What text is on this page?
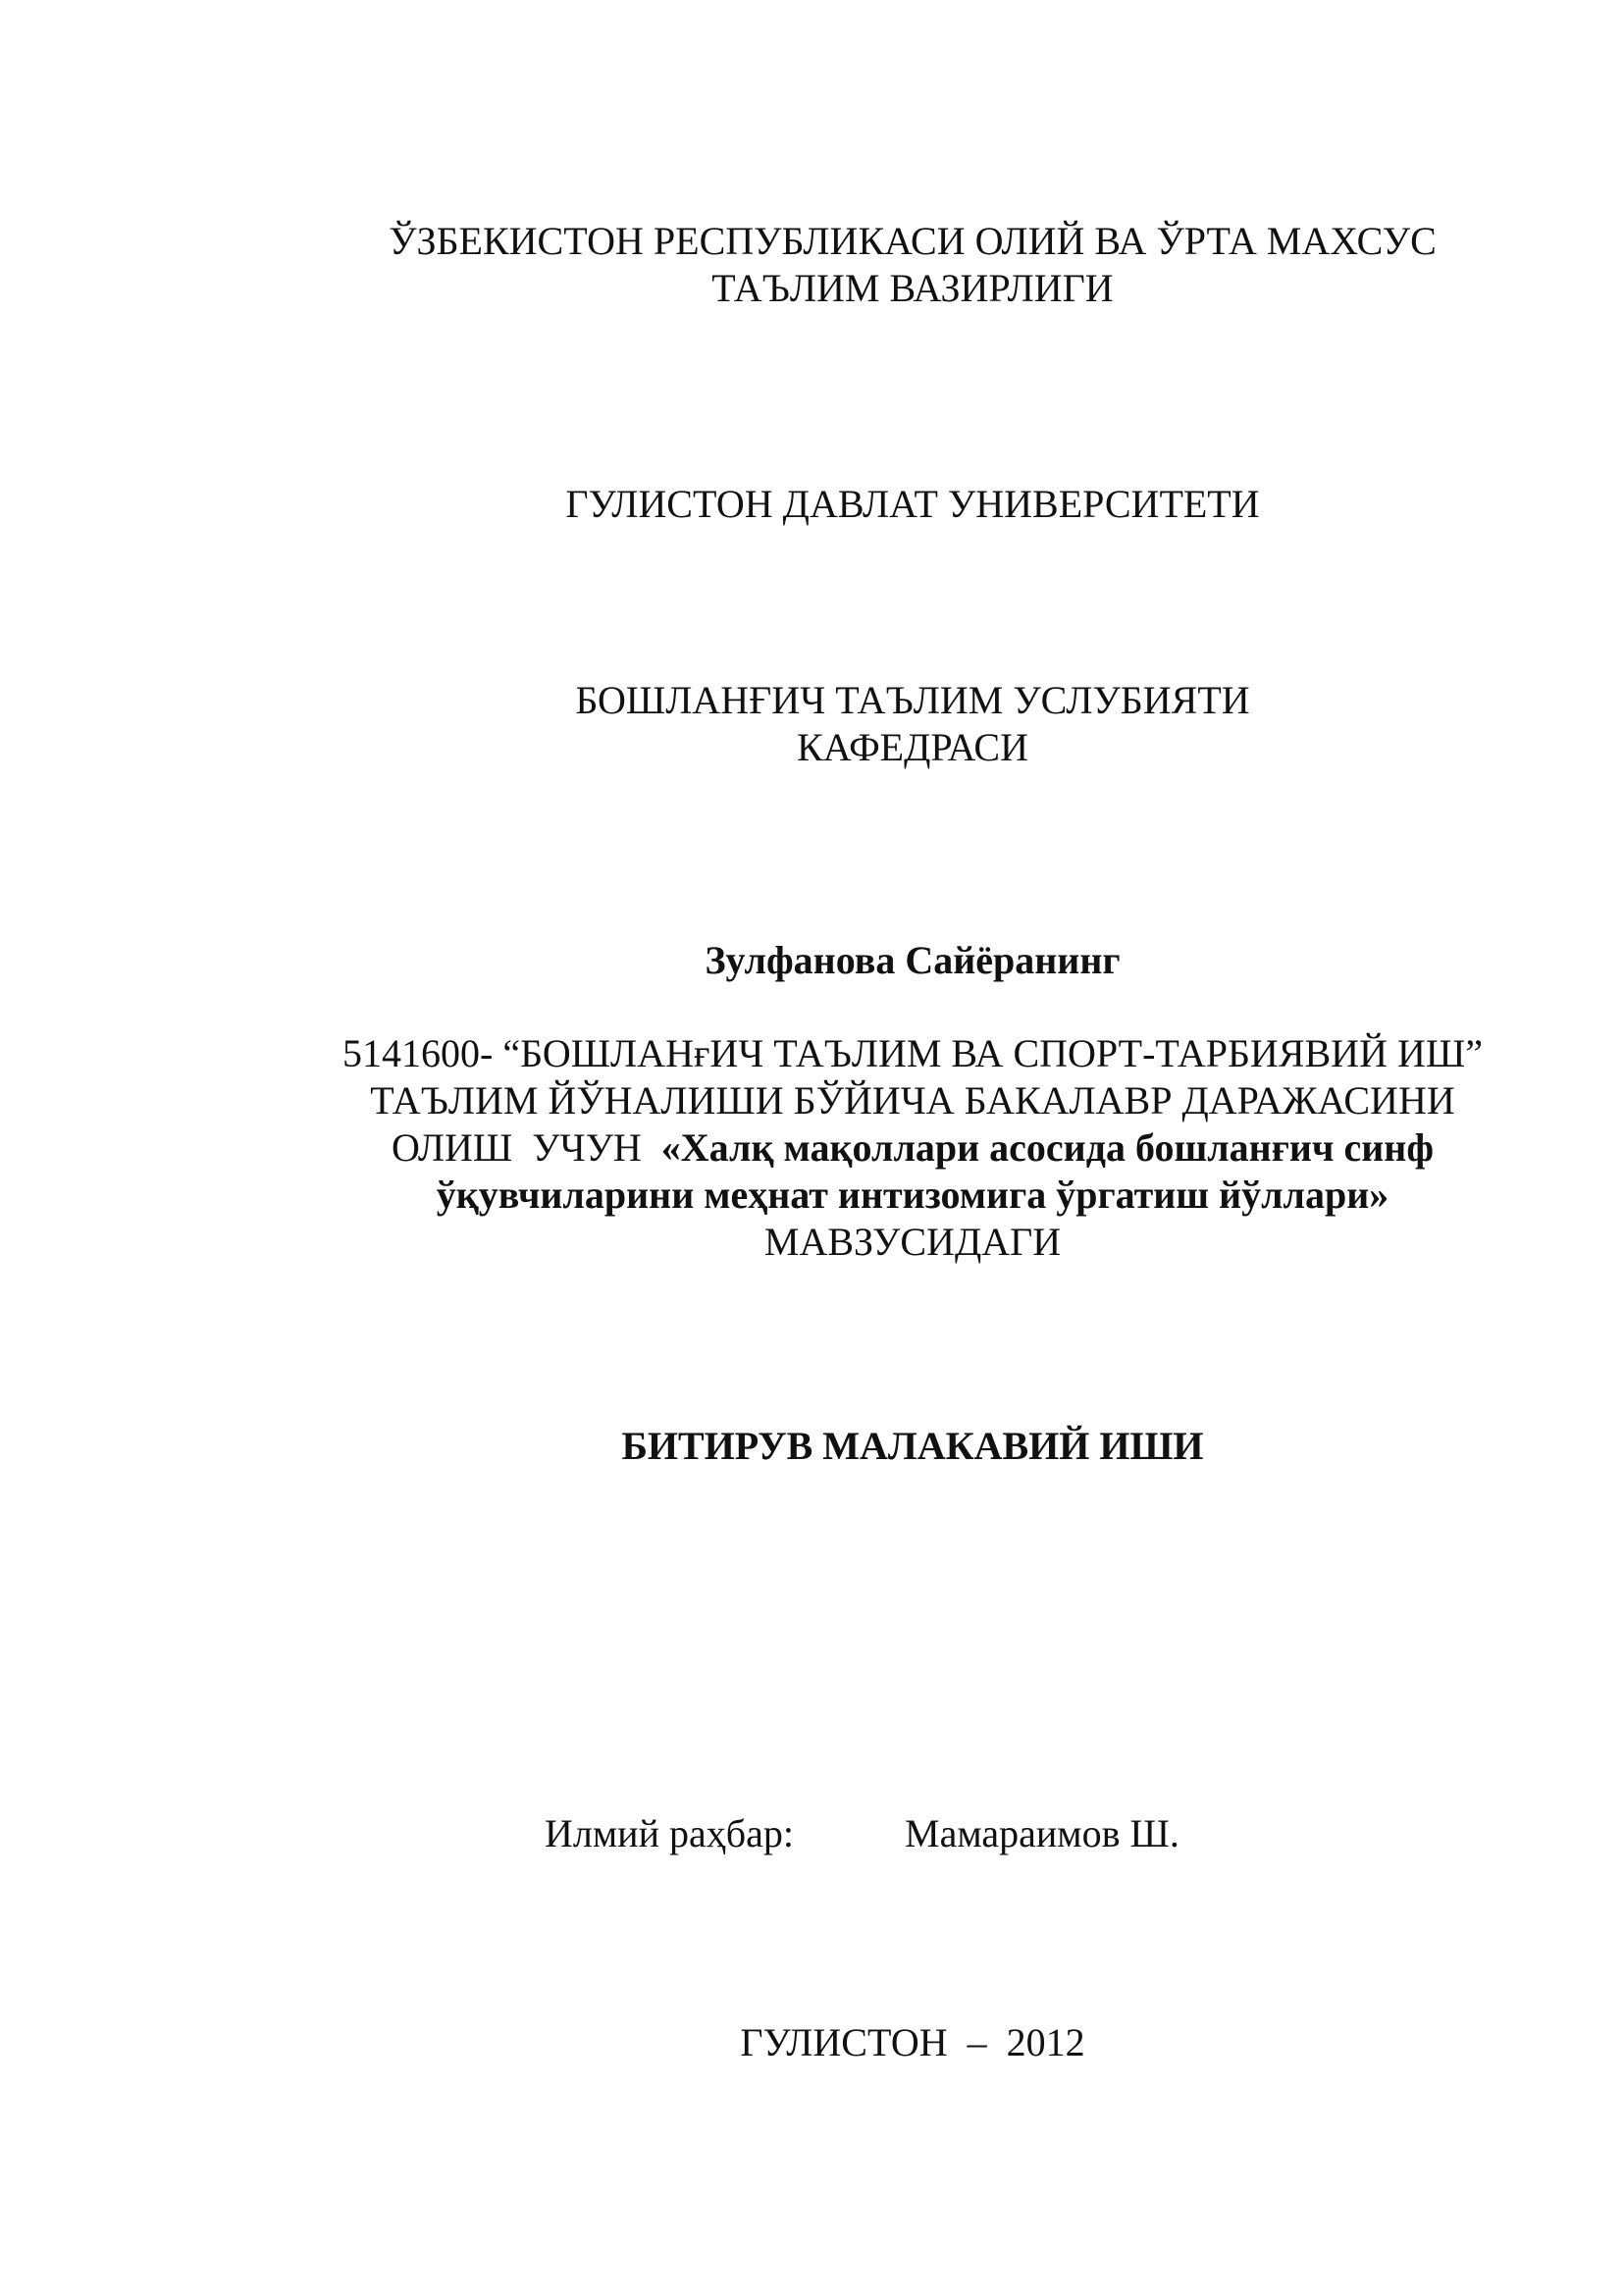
ЎЗБЕКИСТОН РЕСПУБЛИКАСИ ОЛИЙ ВА ЎРТА МАХСУС
ТАЪЛИМ ВАЗИРЛИГИ
ГУЛИСТОН ДАВЛАТ УНИВЕРСИТЕТИ
БОШЛАНҒИЧ ТАЪЛИМ УСЛУБИЯТИ
КАФЕДРАСИ
Зулфанова Сайёранинг
5141600- “БОШЛАНғИЧ ТАЪЛИМ ВА СПОРТ-ТАРБИЯВИЙ ИШ”
ТАЪЛИМ ЙЎНАЛИШИ БЎЙИЧА БАКАЛАВР ДАРАЖАСИНИ
ОЛИШ  УЧУН  «Халқ мақоллари асосида бошланғич синф
ўқувчиларини меҳнат интизомига ўргатиш йўллари»
МАВЗУСИДАГИ
БИТИРУВ МАЛАКАВИЙ ИШИ
Илмий раҳбар:	Мамараимов Ш.
ГУЛИСТОН  –  2012
